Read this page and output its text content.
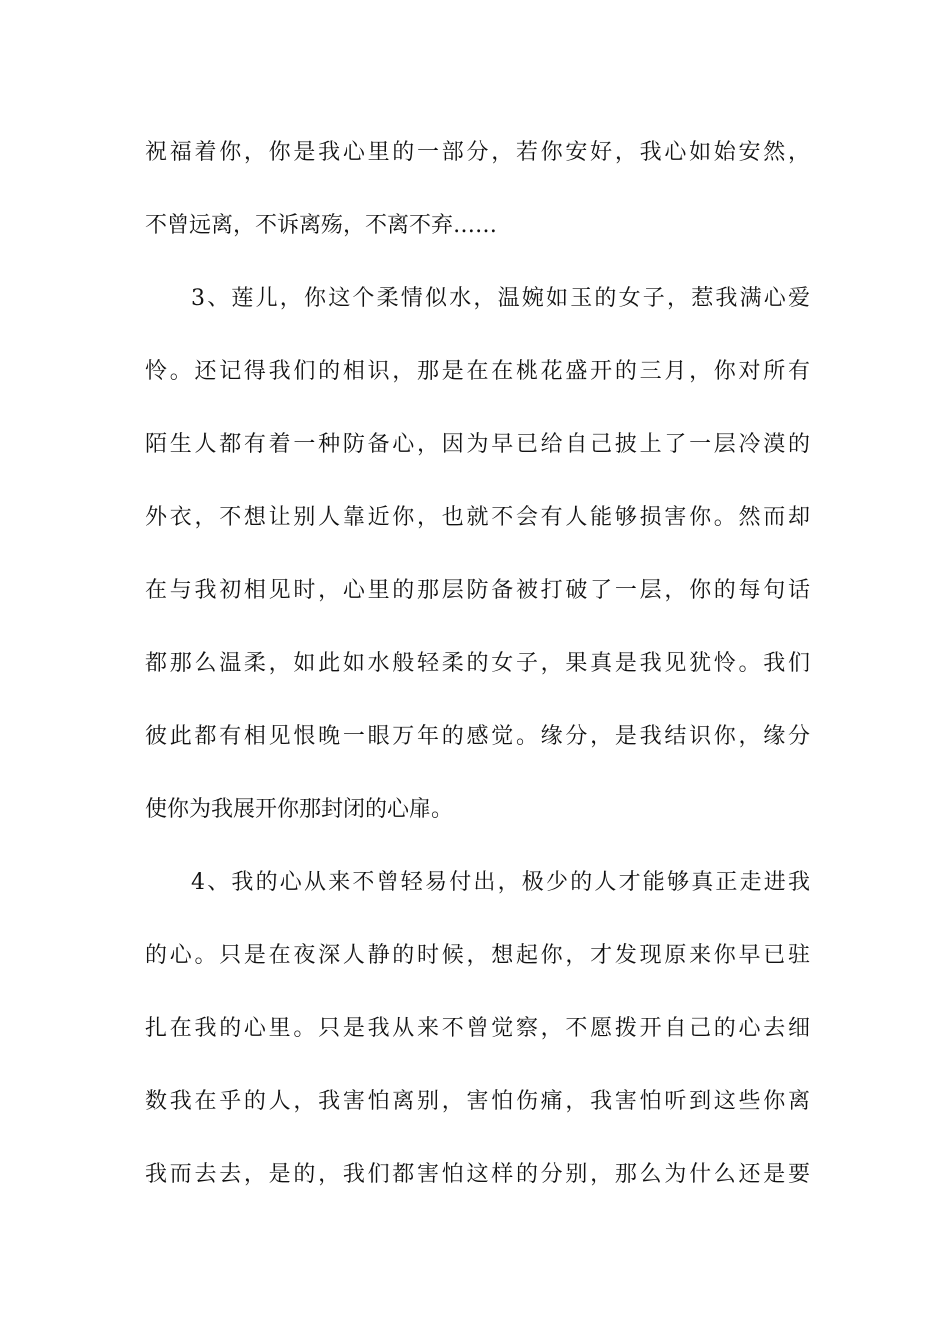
祝福着你，你是我心里的一部分，若你安好，我心如始安然，
不曾远离，不诉离殇，不离不弃……
3、莲儿，你这个柔情似水，温婉如玉的女子，惹我满心爱
怜。还记得我们的相识，那是在在桃花盛开的三月，你对所有
陌生人都有着一种防备心，因为早已给自己披上了一层冷漠的
外衣，不想让别人靠近你，也就不会有人能够损害你。然而却
在与我初相见时，心里的那层防备被打破了一层，你的每句话
都那么温柔，如此如水般轻柔的女子，果真是我见犹怜。我们
彼此都有相见恨晚一眼万年的感觉。缘分，是我结识你，缘分
使你为我展开你那封闭的心扉。
4、我的心从来不曾轻易付出，极少的人才能够真正走进我
的心。只是在夜深人静的时候，想起你，才发现原来你早已驻
扎在我的心里。只是我从来不曾觉察，不愿拨开自己的心去细
数我在乎的人，我害怕离别，害怕伤痛，我害怕听到这些你离
我而去去，是的，我们都害怕这样的分别，那么为什么还是要
